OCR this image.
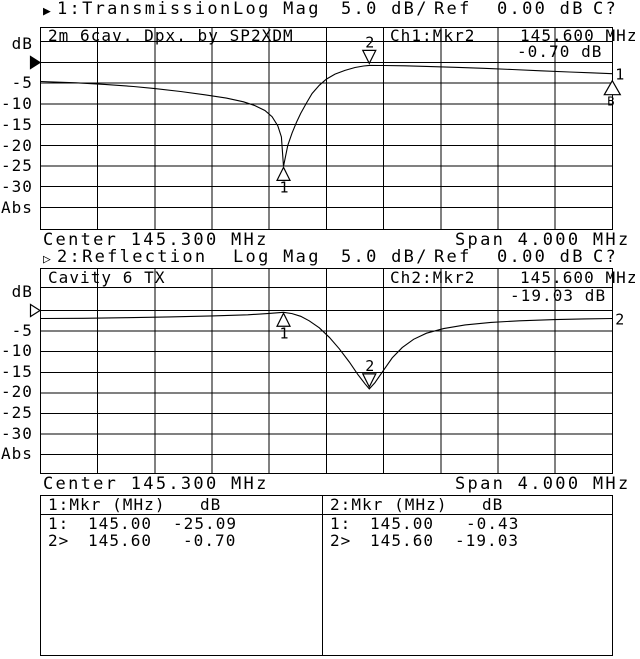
1
2
1
B
1
2
2
▶ 1:Transmission Log Mag 5.0 dB/ Ref 0.00 dB C?
2m 6cav. Dpx. by SP2XDM	Ch1:Mkr2	145.600 MHz
-0.70 dB
dB
-5
-10
-15
-20
-25
-30
Abs
Center 145.300 MHz	Span 4.000 MHz
▷ 2:Reflection Log Mag 5.0 dB/ Ref 0.00 dB C?
Cavity 6 TX	Ch2:Mkr2	145.600 MHz
-19.03 dB
dB
-5
-10
-15
-20
-25
-30
Abs
Center 145.300 MHz	Span 4.000 MHz
1:Mkr (MHz) dB
1: 145.00 -25.09
2> 145.60 -0.70
2:Mkr (MHz) dB
1: 145.00 -0.43
2> 145.60 -19.03
